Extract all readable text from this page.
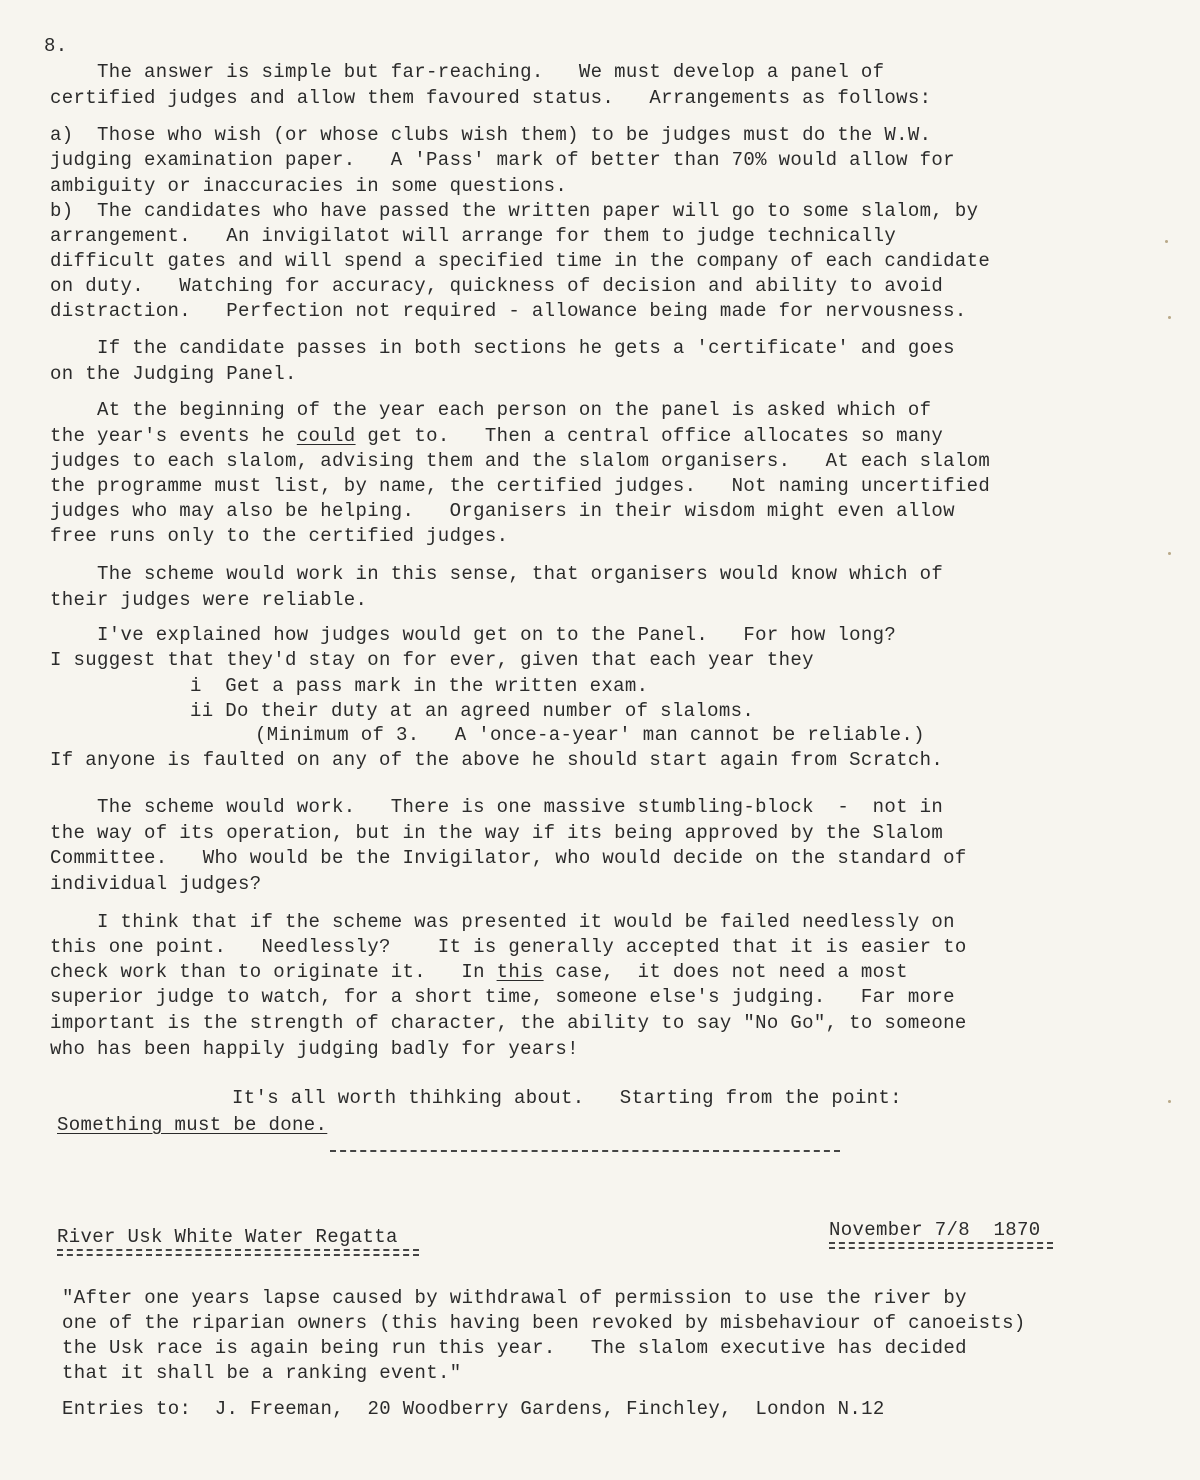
8.
The answer is simple but far-reaching.   We must develop a panel of
certified judges and allow them favoured status.   Arrangements as follows:
a)  Those who wish (or whose clubs wish them) to be judges must do the W.W.
judging examination paper.   A 'Pass' mark of better than 70% would allow for
ambiguity or inaccuracies in some questions.
b)  The candidates who have passed the written paper will go to some slalom, by
arrangement.   An invigilatot will arrange for them to judge technically
difficult gates and will spend a specified time in the company of each candidate
on duty.   Watching for accuracy, quickness of decision and ability to avoid
distraction.   Perfection not required - allowance being made for nervousness.
If the candidate passes in both sections he gets a 'certificate' and goes
on the Judging Panel.
At the beginning of the year each person on the panel is asked which of
the year's events he could get to.   Then a central office allocates so many
judges to each slalom, advising them and the slalom organisers.   At each slalom
the programme must list, by name, the certified judges.   Not naming uncertified
judges who may also be helping.   Organisers in their wisdom might even allow
free runs only to the certified judges.
The scheme would work in this sense, that organisers would know which of
their judges were reliable.
I've explained how judges would get on to the Panel.   For how long?
I suggest that they'd stay on for ever, given that each year they
i  Get a pass mark in the written exam.
ii Do their duty at an agreed number of slaloms.
(Minimum of 3.   A 'once-a-year' man cannot be reliable.)
If anyone is faulted on any of the above he should start again from Scratch.
The scheme would work.   There is one massive stumbling-block  -  not in
the way of its operation, but in the way if its being approved by the Slalom
Committee.   Who would be the Invigilator, who would decide on the standard of
individual judges?
I think that if the scheme was presented it would be failed needlessly on
this one point.   Needlessly?    It is generally accepted that it is easier to
check work than to originate it.   In this case,  it does not need a most
superior judge to watch, for a short time, someone else's judging.   Far more
important is the strength of character, the ability to say "No Go", to someone
who has been happily judging badly for years!
It's all worth thihking about.   Starting from the point:
Something must be done.
River Usk White Water Regatta	November 7/8  1870
"After one years lapse caused by withdrawal of permission to use the river by
one of the riparian owners (this having been revoked by misbehaviour of canoeists)
the Usk race is again being run this year.   The slalom executive has decided
that it shall be a ranking event."
Entries to:  J. Freeman,  20 Woodberry Gardens, Finchley,  London N.12
